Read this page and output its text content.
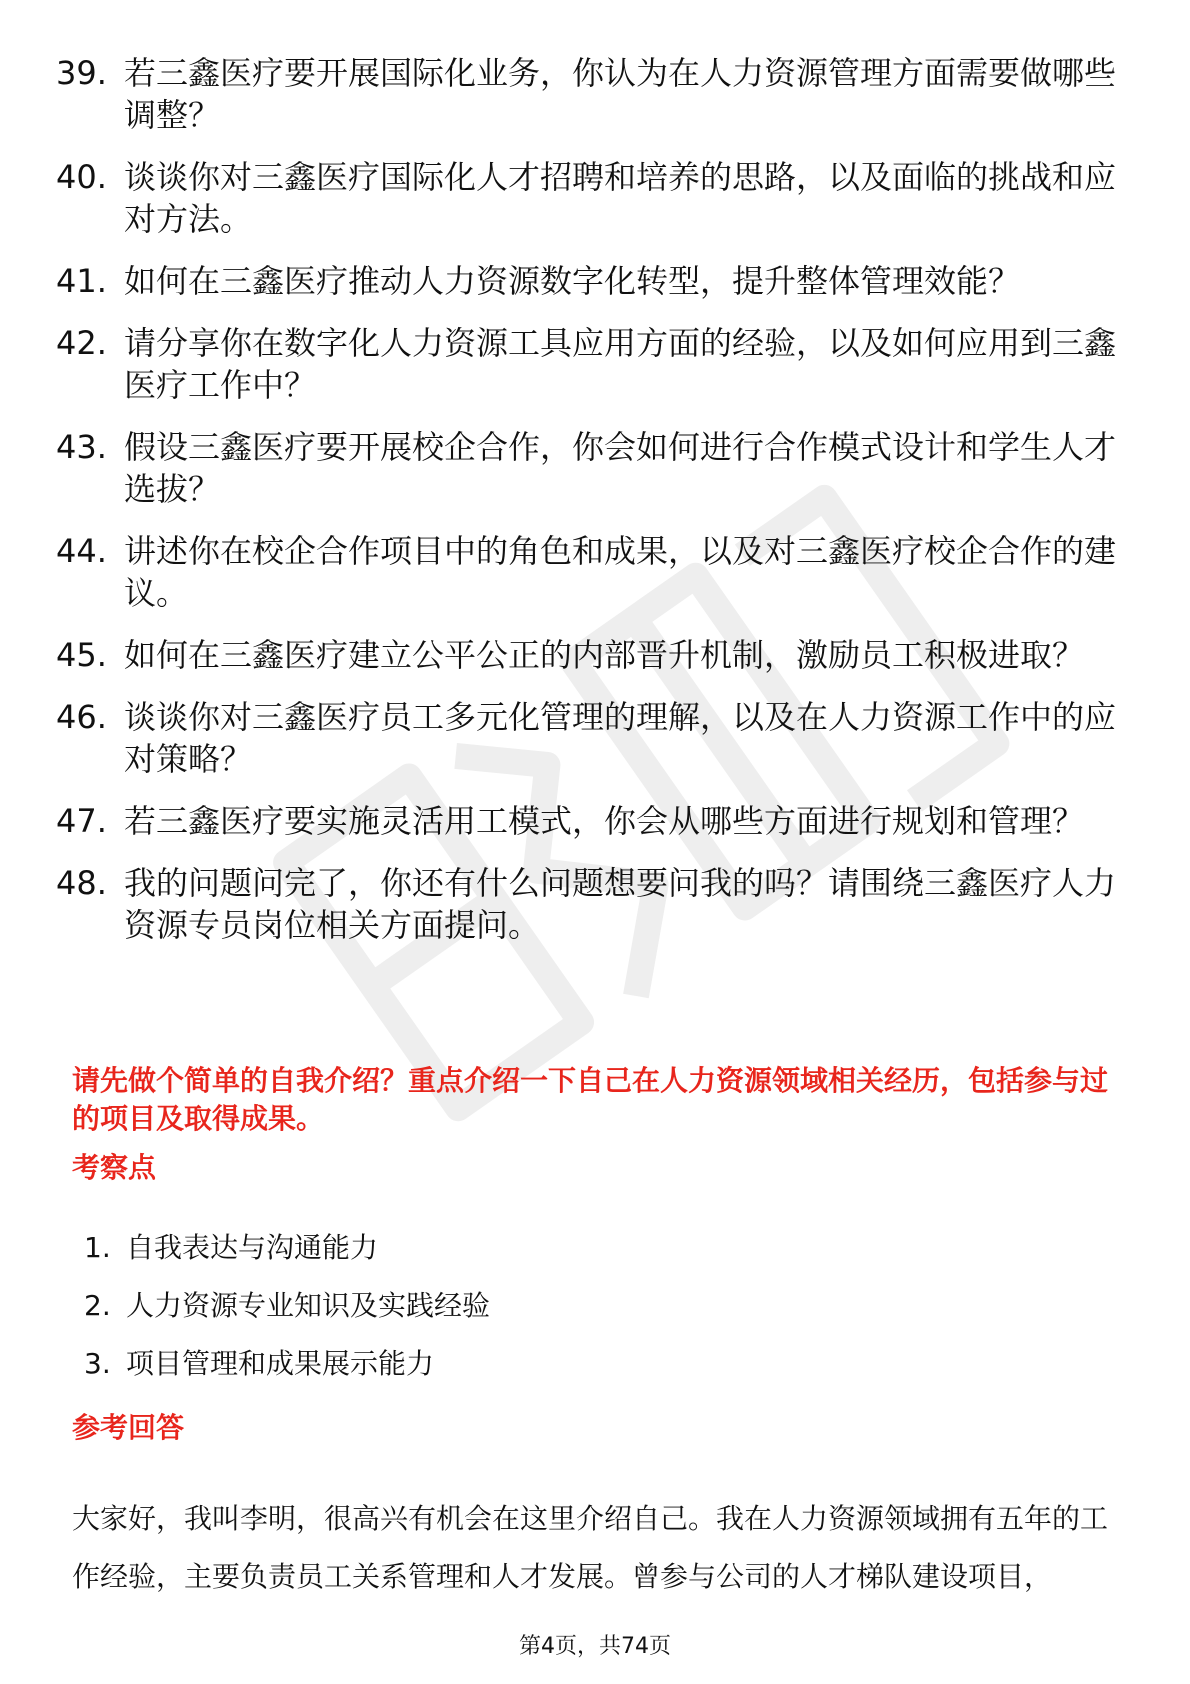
39. 若三鑫医疗要开展国际化业务，你认为在人力资源管理方面需要做哪些调整？
40. 谈谈你对三鑫医疗国际化人才招聘和培养的思路，以及面临的挑战和应对方法。
41. 如何在三鑫医疗推动人力资源数字化转型，提升整体管理效能？
42. 请分享你在数字化人力资源工具应用方面的经验，以及如何应用到三鑫医疗工作中？
43. 假设三鑫医疗要开展校企合作，你会如何进行合作模式设计和学生人才选拔？
44. 讲述你在校企合作项目中的角色和成果，以及对三鑫医疗校企合作的建议。
45. 如何在三鑫医疗建立公平公正的内部晋升机制，激励员工积极进取？
46. 谈谈你对三鑫医疗员工多元化管理的理解，以及在人力资源工作中的应对策略？
47. 若三鑫医疗要实施灵活用工模式，你会从哪些方面进行规划和管理？
48. 我的问题问完了，你还有什么问题想要问我的吗？请围绕三鑫医疗人力资源专员岗位相关方面提问。

请先做个简单的自我介绍？重点介绍一下自己在人力资源领域相关经历，包括参与过的项目及取得成果。

考察点
1. 自我表达与沟通能力
2. 人力资源专业知识及实践经验
3. 项目管理和成果展示能力
参考回答

大家好，我叫李明，很高兴有机会在这里介绍自己。我在人力资源领域拥有五年的工作经验，主要负责员工关系管理和人才发展。曾参与公司的人才梯队建设项目，

第4页，共74页
